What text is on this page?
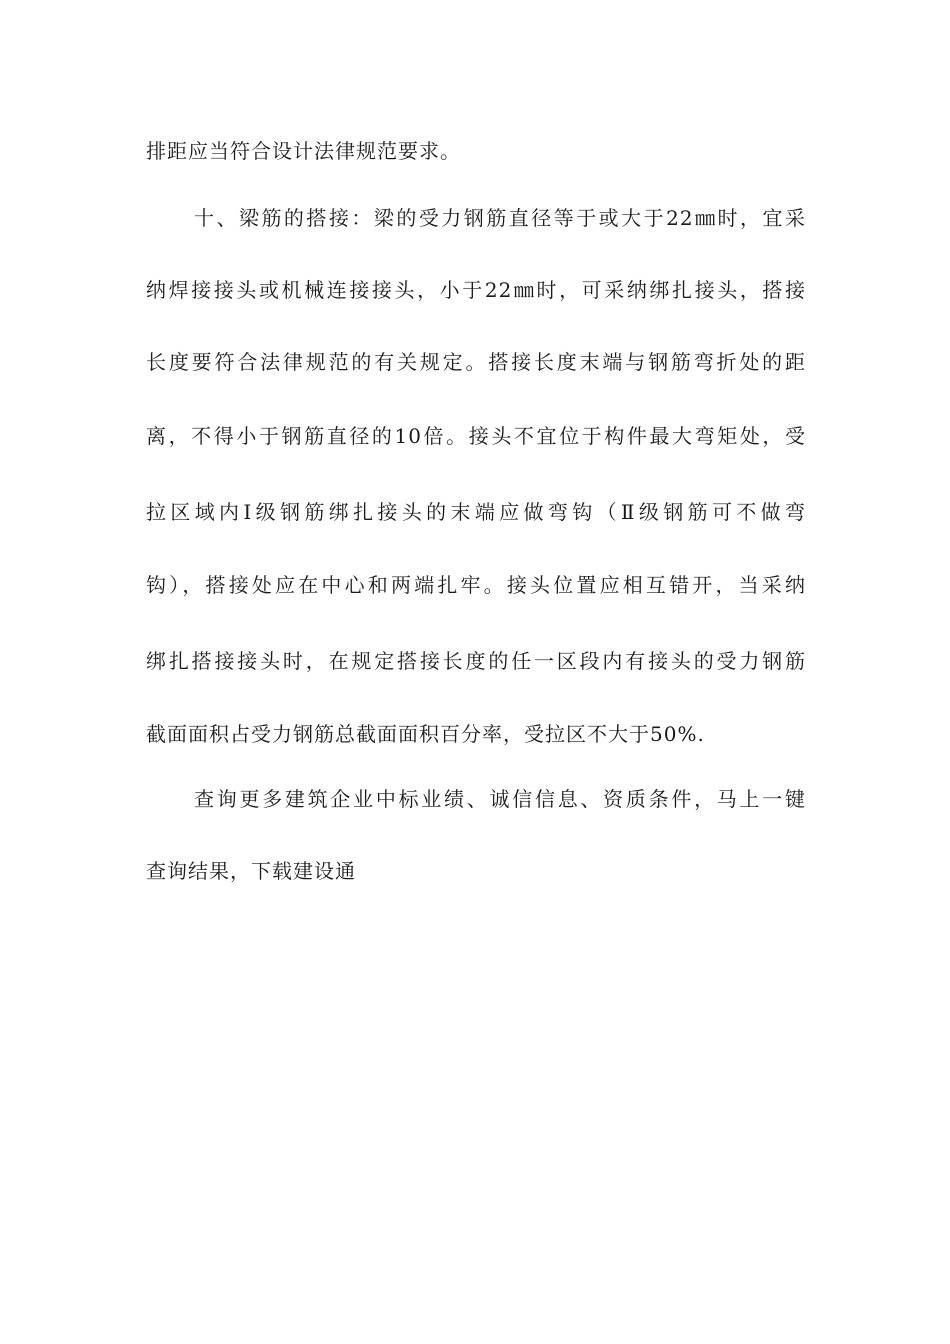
排距应当符合设计法律规范要求。
十、梁筋的搭接：梁的受力钢筋直径等于或大于22㎜时，宜采
纳焊接接头或机械连接接头，小于22㎜时，可采纳绑扎接头，搭接
长度要符合法律规范的有关规定。搭接长度末端与钢筋弯折处的距
离，不得小于钢筋直径的10倍。接头不宜位于构件最大弯矩处，受
拉区域内Ⅰ级钢筋绑扎接头的末端应做弯钩（Ⅱ级钢筋可不做弯
钩），搭接处应在中心和两端扎牢。接头位置应相互错开，当采纳
绑扎搭接接头时，在规定搭接长度的任一区段内有接头的受力钢筋
截面面积占受力钢筋总截面面积百分率，受拉区不大于50%.
查询更多建筑企业中标业绩、诚信信息、资质条件，马上一键
查询结果，下载建设通
